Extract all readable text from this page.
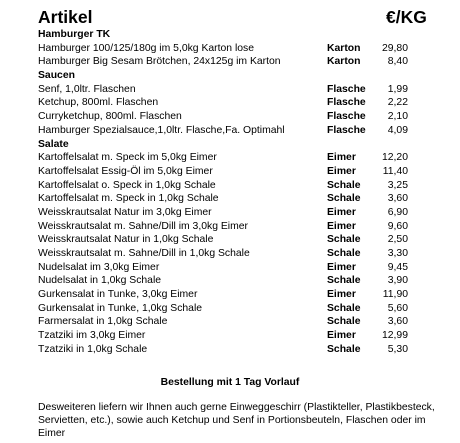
Artikel	€/KG
Hamburger TK
Hamburger 100/125/180g im 5,0kg Karton lose	Karton 29,80
Hamburger Big Sesam Brötchen, 24x125g im Karton	Karton	8,40
Saucen
Senf, 1,0ltr. Flaschen	Flasche 1,99
Ketchup, 800ml. Flaschen	Flasche 2,22
Curryketchup, 800ml. Flaschen	Flasche 2,10
Hamburger Spezialsauce,1,0ltr. Flasche,Fa. Optimahl	Flasche 4,09
Salate
Kartoffelsalat m. Speck im 5,0kg Eimer	Eimer	12,20
Kartoffelsalat Essig-Öl im 5,0kg Eimer	Eimer	11,40
Kartoffelsalat o. Speck in 1,0kg Schale	Schale	3,25
Kartoffelsalat m. Speck in 1,0kg Schale	Schale	3,60
Weisskrautsalat Natur im 3,0kg Eimer	Eimer	6,90
Weisskrautsalat m. Sahne/Dill im 3,0kg Eimer	Eimer	9,60
Weisskrautsalat Natur in 1,0kg Schale	Schale	2,50
Weisskrautsalat m. Sahne/Dill in 1,0kg Schale	Schale	3,30
Nudelsalat im 3,0kg Eimer	Eimer	9,45
Nudelsalat in 1,0kg Schale	Schale	3,90
Gurkensalat in Tunke, 3,0kg Eimer	Eimer	11,90
Gurkensalat in Tunke, 1,0kg Schale	Schale	5,60
Farmersalat in 1,0kg Schale	Schale	3,60
Tzatziki im 3,0kg Eimer	Eimer	12,99
Tzatziki in 1,0kg Schale	Schale	5,30
Bestellung mit 1 Tag Vorlauf
Desweiteren liefern wir Ihnen auch gerne Einweggeschirr (Plastikteller, Plastikbesteck, Servietten, etc.), sowie auch Ketchup und Senf in Portionsbeuteln, Flaschen oder im Eimer
